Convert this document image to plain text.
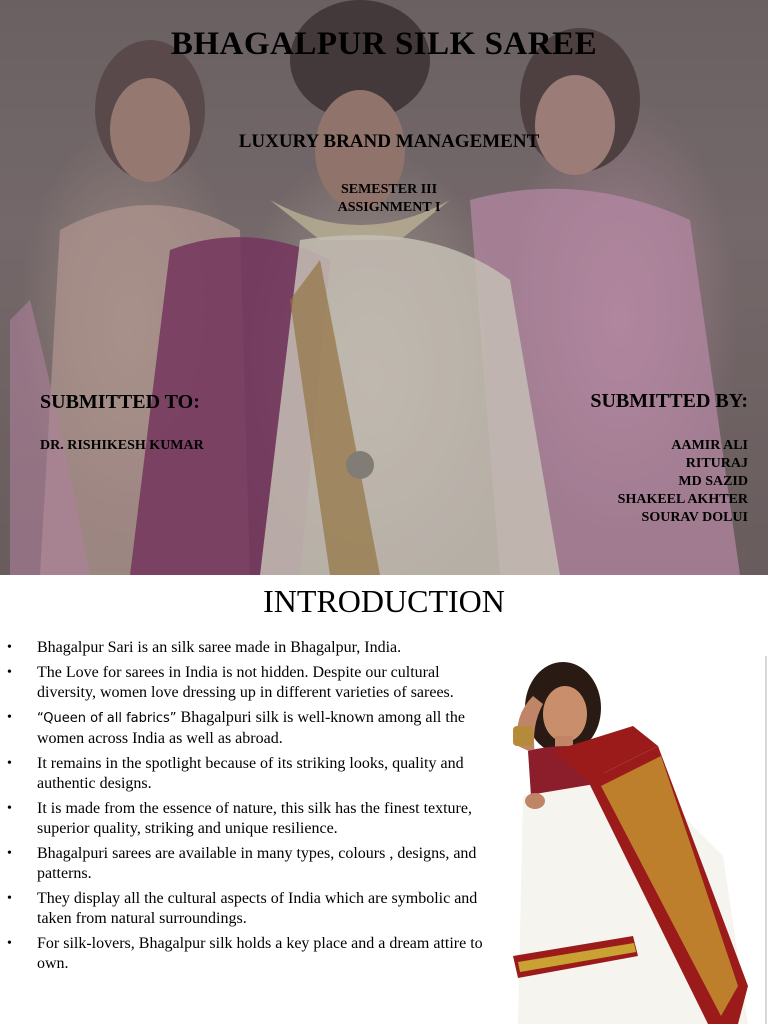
BHAGALPUR SILK SAREE
LUXURY BRAND MANAGEMENT
SEMESTER III
ASSIGNMENT I
SUBMITTED TO:
DR. RISHIKESH KUMAR
SUBMITTED BY:
AAMIR ALI
RITURAJ
MD SAZID
SHAKEEL AKHTER
SOURAV DOLUI
INTRODUCTION
• Bhagalpur Sari is an silk saree made in Bhagalpur, India.
• The Love for sarees in India is not hidden. Despite our cultural diversity, women love dressing up in different varieties of sarees.
• “Queen of all fabrics” Bhagalpuri silk is well-known among all the women across India as well as abroad.
• It remains in the spotlight because of its striking looks, quality and authentic designs.
• It is made from the essence of nature, this silk has the finest texture, superior quality, striking and unique resilience.
• Bhagalpuri sarees are available in many types, colours , designs, and patterns.
• They display all the cultural aspects of India which are symbolic and taken from natural surroundings.
• For silk-lovers, Bhagalpur silk holds a key place and a dream attire to own.
